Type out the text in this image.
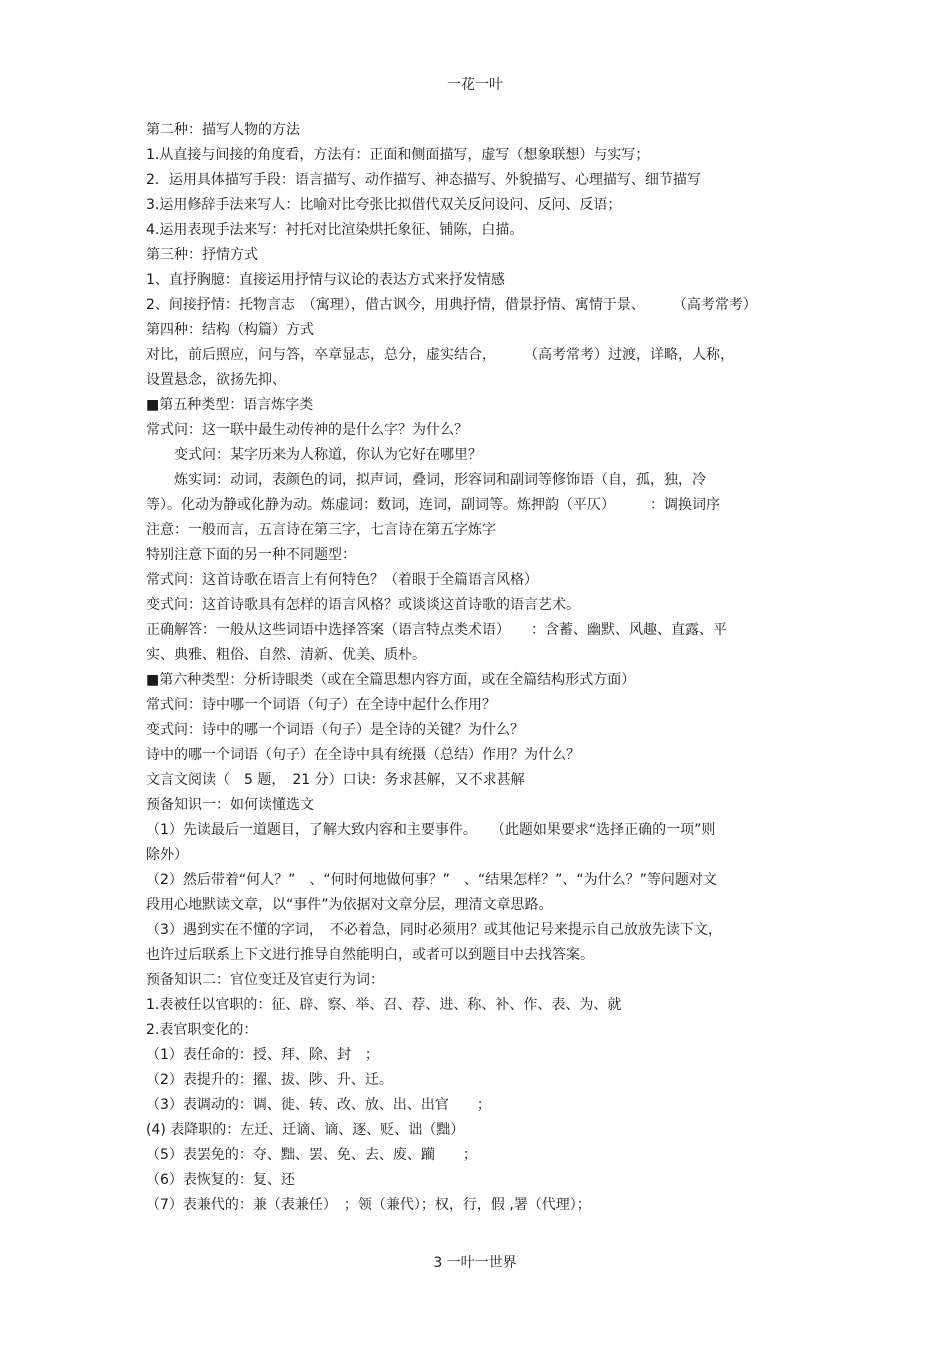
一花一叶
第二种：描写人物的方法
1.从直接与间接的角度看，方法有：正面和侧面描写，虚写（想象联想）与实写；
2．运用具体描写手段：语言描写、动作描写、神态描写、外貌描写、心理描写、细节描写
3.运用修辞手法来写人：比喻对比夸张比拟借代双关反问设问、反问、反语；
4.运用表现手法来写：衬托对比渲染烘托象征、铺陈，白描。
第三种：抒情方式
1、直抒胸臆：直接运用抒情与议论的表达方式来抒发情感
2、间接抒情：托物言志　（寓理），借古讽今，用典抒情，借景抒情、寓情于景、　　　（高考常考）
第四种：结构（构篇）方式
对比，前后照应，问与答，卒章显志，总分，虚实结合，　　　（高考常考）过渡，详略，人称，
设置悬念，欲扬先抑、
■第五种类型：语言炼字类
常式问：这一联中最生动传神的是什么字？为什么？
　　变式问：某字历来为人称道，你认为它好在哪里？
　　炼实词：动词，表颜色的词，拟声词，叠词，形容词和副词等修饰语（自，孤，独，冷
等）。化动为静或化静为动。炼虚词：数词，连词，副词等。炼押韵（平仄）　　　：调换词序
注意：一般而言，五言诗在第三字，七言诗在第五字炼字
特别注意下面的另一种不同题型：
常式问：这首诗歌在语言上有何特色？（着眼于全篇语言风格）
变式问：这首诗歌具有怎样的语言风格？或谈谈这首诗歌的语言艺术。
正确解答：一般从这些词语中选择答案（语言特点类术语）　　：含蓄、幽默、风趣、直露、平
实、典雅、粗俗、自然、清新、优美、质朴。
■第六种类型：分析诗眼类（或在全篇思想内容方面，或在全篇结构形式方面）
常式问：诗中哪一个词语（句子）在全诗中起什么作用？
变式问：诗中的哪一个词语（句子）是全诗的关键？为什么？
诗中的哪一个词语（句子）在全诗中具有统摄（总结）作用？为什么？
文言文阅读（　5 题，　21 分）口诀：务求甚解，又不求甚解
预备知识一：如何读懂选文
（1）先读最后一道题目，了解大致内容和主要事件。　　（此题如果要求“选择正确的一项”则
除外）
（2）然后带着“何人？”　、“何时何地做何事？”　、“结果怎样？”、“为什么？”等问题对文
段用心地默读文章，以“事件”为依据对文章分层，理清文章思路。
（3）遇到实在不懂的字词，　不必着急，同时必须用？或其他记号来提示自己放放先读下文，
也许过后联系上下文进行推导自然能明白，或者可以到题目中去找答案。
预备知识二：官位变迁及官吏行为词：
1.表被任以官职的：征、辟、察、举、召、荐、进、称、补、作、表、为、就
2.表官职变化的：
（1）表任命的：授、拜、除、封　；
（2）表提升的：擢、拔、陟、升、迁。
（3）表调动的：调、徙、转、改、放、出、出官　　；
(4) 表降职的：左迁、迁谪、谪、逐、贬、诎（黜）
（5）表罢免的：夺、黜、罢、免、去、废、躏　　；
（6）表恢复的：复、还
（7）表兼代的：兼（表兼任）　；领（兼代）；权，行，假 ,署（代理）；
3 一叶一世界
